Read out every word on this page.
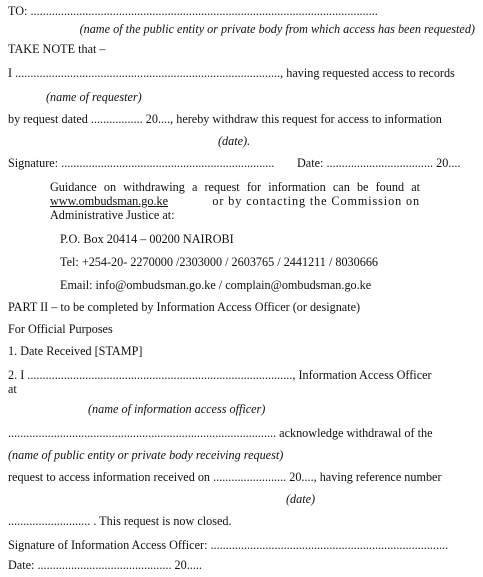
TO: ..................................................................................................................
(name of the public entity or private body from which access has been requested)
TAKE NOTE that –
I ......................................................................................., having requested access to records
(name of requester)
by request dated ................. 20...., hereby withdraw this request for access to information
(date).
Signature: ...................................................................... Date: ................................... 20....
Guidance on withdrawing a request for information can be found at
www.ombudsman.go.ke	or by contacting the Commission on
Administrative Justice at:
P.O. Box 20414 – 00200 NAIROBI
Tel: +254-20- 2270000 /2303000 / 2603765 / 2441211 / 8030666
Email: info@ombudsman.go.ke / complain@ombudsman.go.ke
PART II – to be completed by Information Access Officer (or designate)
For Official Purposes
1. Date Received [STAMP]
2. I ......................................................................................., Information Access Officer
at
(name of information access officer)
........................................................................................ acknowledge withdrawal of the
(name of public entity or private body receiving request)
request to access information received on ........................ 20...., having reference number
(date)
........................... . This request is now closed.
Signature of Information Access Officer: ..............................................................................
Date: ............................................ 20.....
